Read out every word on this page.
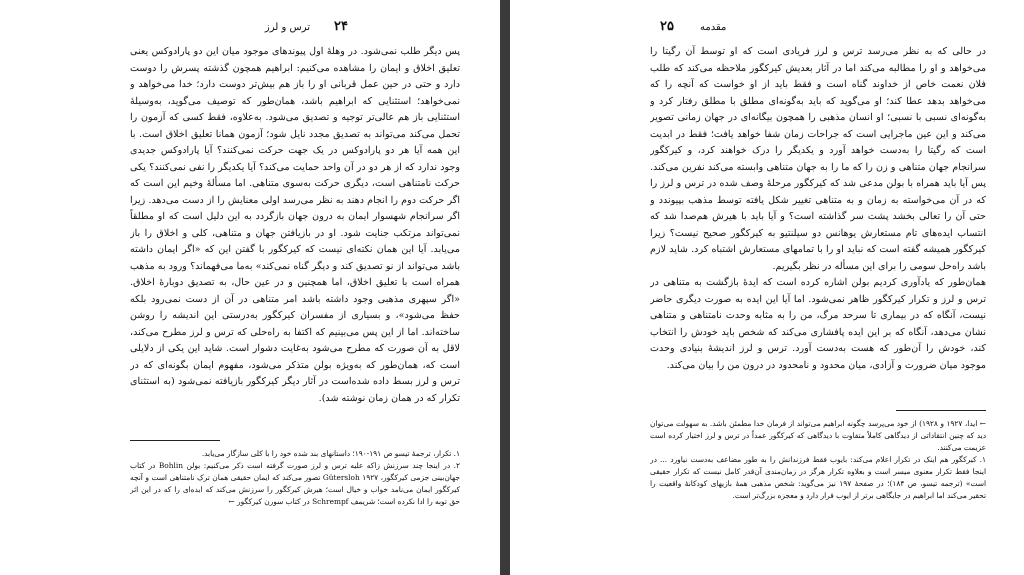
۲۴
ترس و لرز

پس دیگر طلب نمی‌شود. در وهلهٔ اول پیوندهای موجود میان این دو پارادوکس یعنی تعلیق اخلاق و ایمان را مشاهده می‌کنیم: ابراهیم همچون گذشته پسرش را دوست دارد و حتی در حین عمل قربانی او را باز هم بیش‌تر دوست دارد؛ خدا می‌خواهد و نمی‌خواهد؛ استثنایی که ابراهیم باشد، همان‌طور که توصیف می‌گوید، به‌وسیلهٔ استثنایی باز هم عالی‌تر توجیه و تصدیق می‌شود. به‌علاوه، فقط کسی که آزمون را تحمل می‌کند می‌تواند به تصدیق مجدد نایل شود؛ آزمون همانا تعلیق اخلاق است. با این همه آیا هر دو پارادوکس در یک جهت حرکت نمی‌کنند؟ آیا پارادوکس جدیدی وجود ندارد که از هر دو در آن واحد حمایت می‌کند؟ آیا یکدیگر را نفی نمی‌کنند؟ یکی حرکت نامتناهی است، دیگری حرکت به‌سوی متناهی. اما مسألهٔ وخیم این است که اگر حرکت دوم را انجام دهند به نظر می‌رسد اولی معنایش را از دست می‌دهد. زیرا اگر سرانجام شهسوار ایمان به درون جهان بازگردد به این دلیل است که او مطلقاً نمی‌تواند مرتکب جنایت شود. او در بازیافتن جهان و متناهی، کلی و اخلاق را باز می‌یابد. آیا این همان نکته‌ای نیست که کیرکگور با گفتن این که «اگر ایمان داشته باشد می‌تواند از نو تصدیق کند و دیگر گناه نمی‌کند» به‌ما می‌فهماند؟ ورود به مذهب همراه است با تعلیق اخلاق، اما همچنین و در عین حال، به تصدیق دوبارهٔ اخلاق. «اگر سپهری مذهبی وجود داشته باشد امر متناهی در آن از دست نمی‌رود بلکه حفظ می‌شود»، و بسیاری از مفسران کیرکگور به‌درستی این اندیشه را روشن ساخته‌اند. اما از این پس می‌بینیم که اکتفا به راه‌حلی که ترس و لرز مطرح می‌کند، لاقل به آن صورت که مطرح می‌شود به‌غایت دشوار است. شاید این یکی از دلایلی است که، همان‌طور که به‌ویژه بولن متذکر می‌شود، مفهوم ایمان بگونه‌ای که در ترس و لرز بسط داده شده‌است در آثار دیگر کیرکگور بازیافته نمی‌شود (به استثنای تکرار که در همان زمان نوشته شد).

۱. تکرار، ترجمهٔ تیسو ص ۱۹۱-۱۹۰؛ داستانهای بند شده خود را با کلی سازگار می‌یابد.

۲. در اینجا چند سرزنش زاکه علیه ترس و لرز صورت گرفته است ذکر می‌کنیم: بولن Bohlin در کتاب جهان‌بینی جزمی کیرکگور، Gütersloh ۱۹۲۷ تصور می‌کند که ایمان حقیقی همان ترک نامتناهی است و آنچه کیرکگور ایمان می‌نامد خواب و خیال است؛ هیرش کیرکگور را سرزنش می‌کند که ایده‌ای را که در این اثر حق توبه را ادا نکرده است؛ شریمف Schrempf در کتاب سورن کیرکگور ←

۲۵	مقدمه

در حالی که به نظر می‌رسد ترس و لرز فریادی است که او توسط آن رگیتا را می‌خواهد و او را مطالبه می‌کند اما در آثار بعدیش کیرکگور ملاحظه می‌کند که طلب فلان نعمت خاص از خداوند گناه است و فقط باید از او خواست که آنچه را که می‌خواهد بدهد عطا کند؛ او می‌گوید که باید به‌گونه‌ای مطلق با مطلق رفتار کرد و به‌گونه‌ای نسبی با نسبی؛ او انسان مذهبی را همچون بیگانه‌ای در جهان زمانی تصویر می‌کند و این عین ماجرایی است که جراحات زمان شفا خواهد یافت؛ فقط در ابدیت است که رگیتا را به‌دست خواهد آورد و یکدیگر را درک خواهند کرد، و کیرکگور سرانجام جهان متناهی و زن را که ما را به جهان متناهی وابسته می‌کند نفرین می‌کند. پس آیا باید همراه با بولن مدعی شد که کیرکگور مرحلهٔ وصف شده در ترس و لرز را که در آن می‌خواسته به زمان و به متناهی تغییر شکل یافته توسط مذهب بپیوندد و حتی آن را تعالی بخشد پشت سر گذاشته است؟ و آیا باید با هیرش هم‌صدا شد که انتساب ایده‌های تام مستعارش یوهانس دو سیلنتیو به کیرکگور صحیح نیست؟ زیرا کیرکگور همیشه گفته است که نباید او را با تمامهای مستعارش اشتباه کرد. شاید لازم باشد راه‌حل سومی را برای این مسأله در نظر بگیریم.

همان‌طور که یادآوری کردیم بولن اشاره کرده است که ایدهٔ بازگشت به متناهی در ترس و لرز و تکرار کیرکگور ظاهر نمی‌شود. اما آیا این ایده به صورت دیگری حاضر نیست، آنگاه که در بیماری تا سرحد مرگ، من را به مثابه وحدت نامتناهی و متناهی نشان می‌دهد، آنگاه که بر این ایده پافشاری می‌کند که شخص باید خودش را انتخاب کند، خودش را آن‌طور که هست به‌دست آورد. ترس و لرز اندیشهٔ بنیادی وحدت موجود میان ضرورت و آزادی، میان محدود و نامحدود در درون من را بیان می‌کند.

← ایدا، ۱۹۲۷ و ۱۹۲۸) از خود می‌پرسد چگونه ابراهیم می‌تواند از فرمان خدا مطمئن باشد. به سهولت می‌توان دید که چنین انتقاداتی از دیدگاهی کاملاً متفاوت با دیدگاهی که کیرکگور عمداً در ترس و لرز اختیار کرده است عزیمت می‌کنند.

۱. کیرکگور هم اینک در تکرار اعلام می‌کند: بایوب فقط فرزندانش را به طور مضاعف به‌دست نیاورد ... در اینجا فقط تکرار معنوی میسر است و بعلاوه تکرار هرگز در زمان‌مندی آن‌قدر کامل نیست که تکرار حقیقی است» (ترجمه تیسو، ص ۱۸۴)؛ در صفحهٔ ۱۹۷ نیز می‌گوید: شخص مذهبی همهٔ بازیهای کودکانهٔ واقعیت را تحقیر می‌کند اما ابراهیم در جایگاهی برتر از ایوب قرار دارد و معجزه بزرگ‌تر است.
